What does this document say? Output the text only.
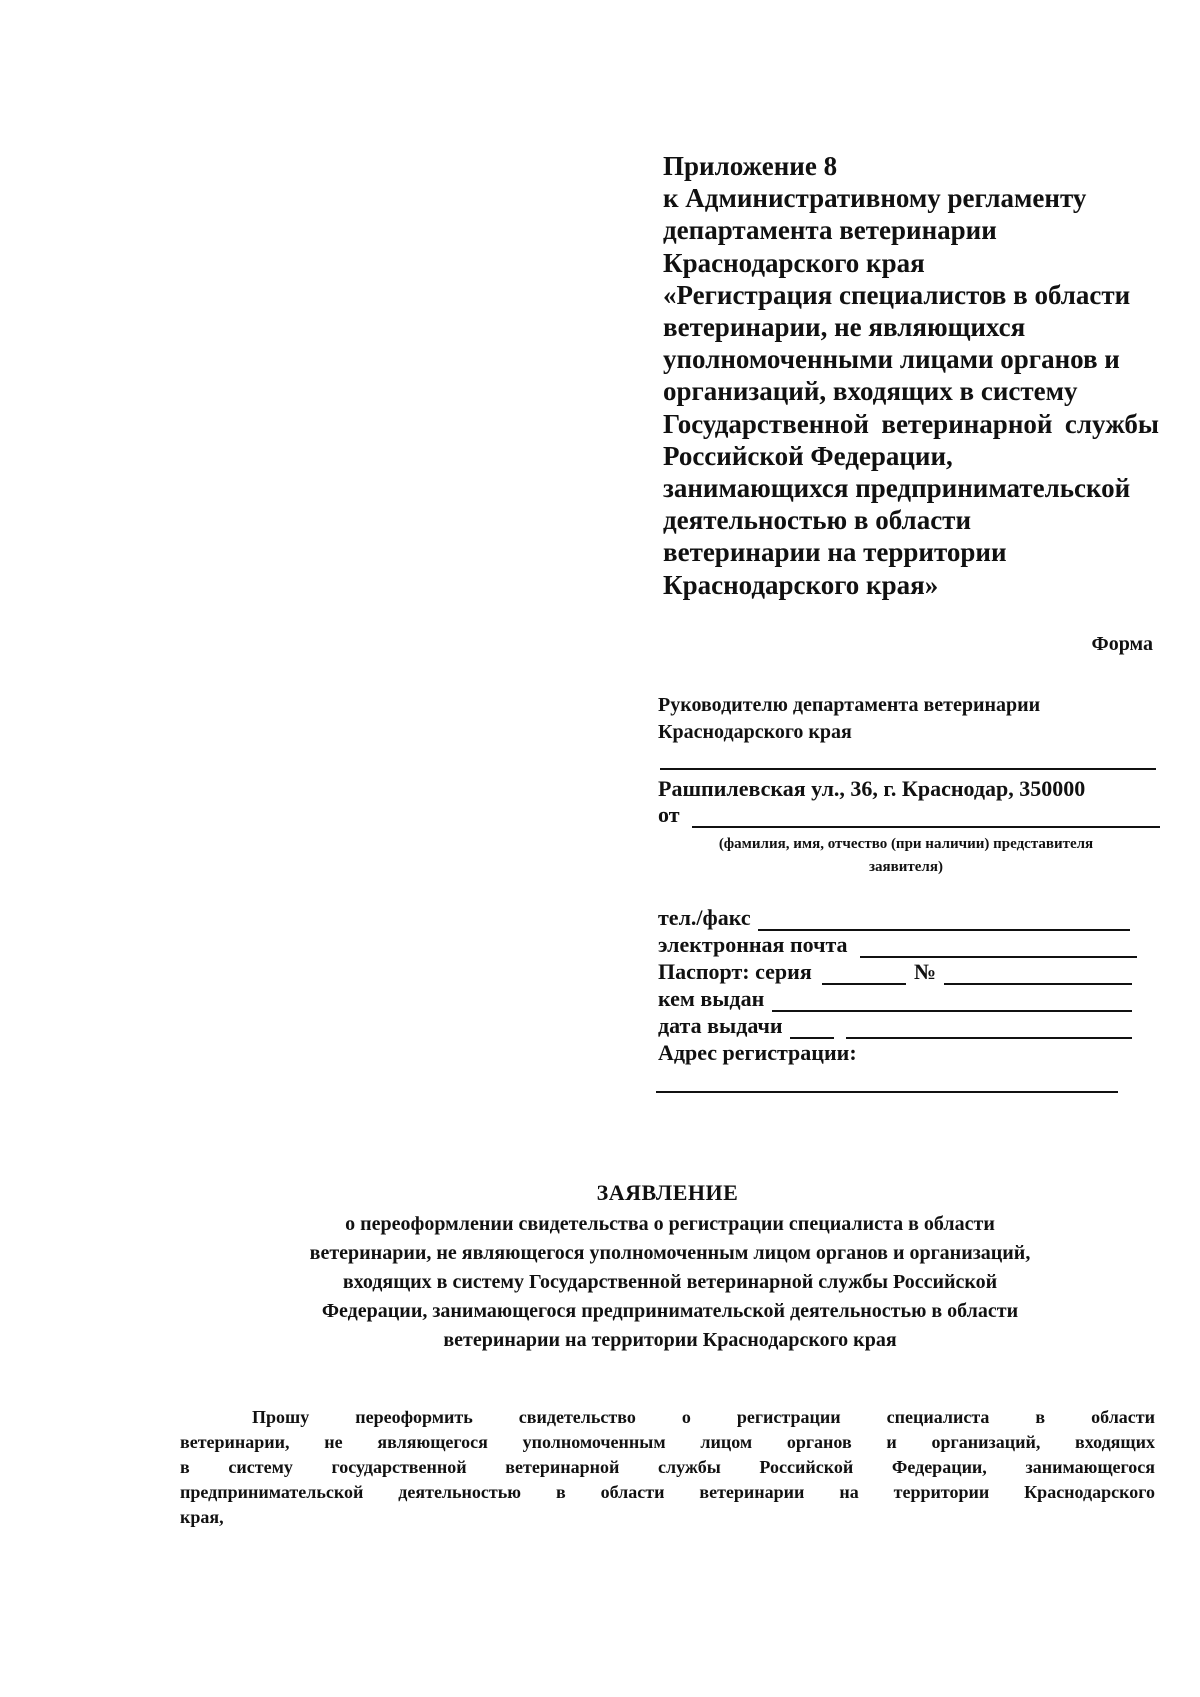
Приложение 8
к Административному регламенту
департамента ветеринарии
Краснодарского края
«Регистрация специалистов в области
ветеринарии, не являющихся
уполномоченными лицами органов и
организаций, входящих в систему
Государственной ветеринарной службы
Российской Федерации,
занимающихся предпринимательской
деятельностью в области
ветеринарии на территории
Краснодарского края»
Форма
Руководителю департамента ветеринарии
Краснодарского края
Рашпилевская ул., 36, г. Краснодар, 350000
от
(фамилия, имя, отчество (при наличии) представителя
заявителя)
тел./факс
электронная почта
Паспорт: серия	№
кем выдан
дата выдачи
Адрес регистрации:
ЗАЯВЛЕНИЕ
о переоформлении свидетельства о регистрации специалиста в области
ветеринарии, не являющегося уполномоченным лицом органов и организаций,
входящих в систему Государственной ветеринарной службы Российской
Федерации, занимающегося предпринимательской деятельностью в области
ветеринарии на территории Краснодарского края
Прошу переоформить свидетельство о регистрации специалиста в области
ветеринарии, не являющегося уполномоченным лицом органов и организаций, входящих
в систему государственной ветеринарной службы Российской Федерации, занимающегося
предпринимательской деятельностью в области ветеринарии на территории Краснодарского
края,
